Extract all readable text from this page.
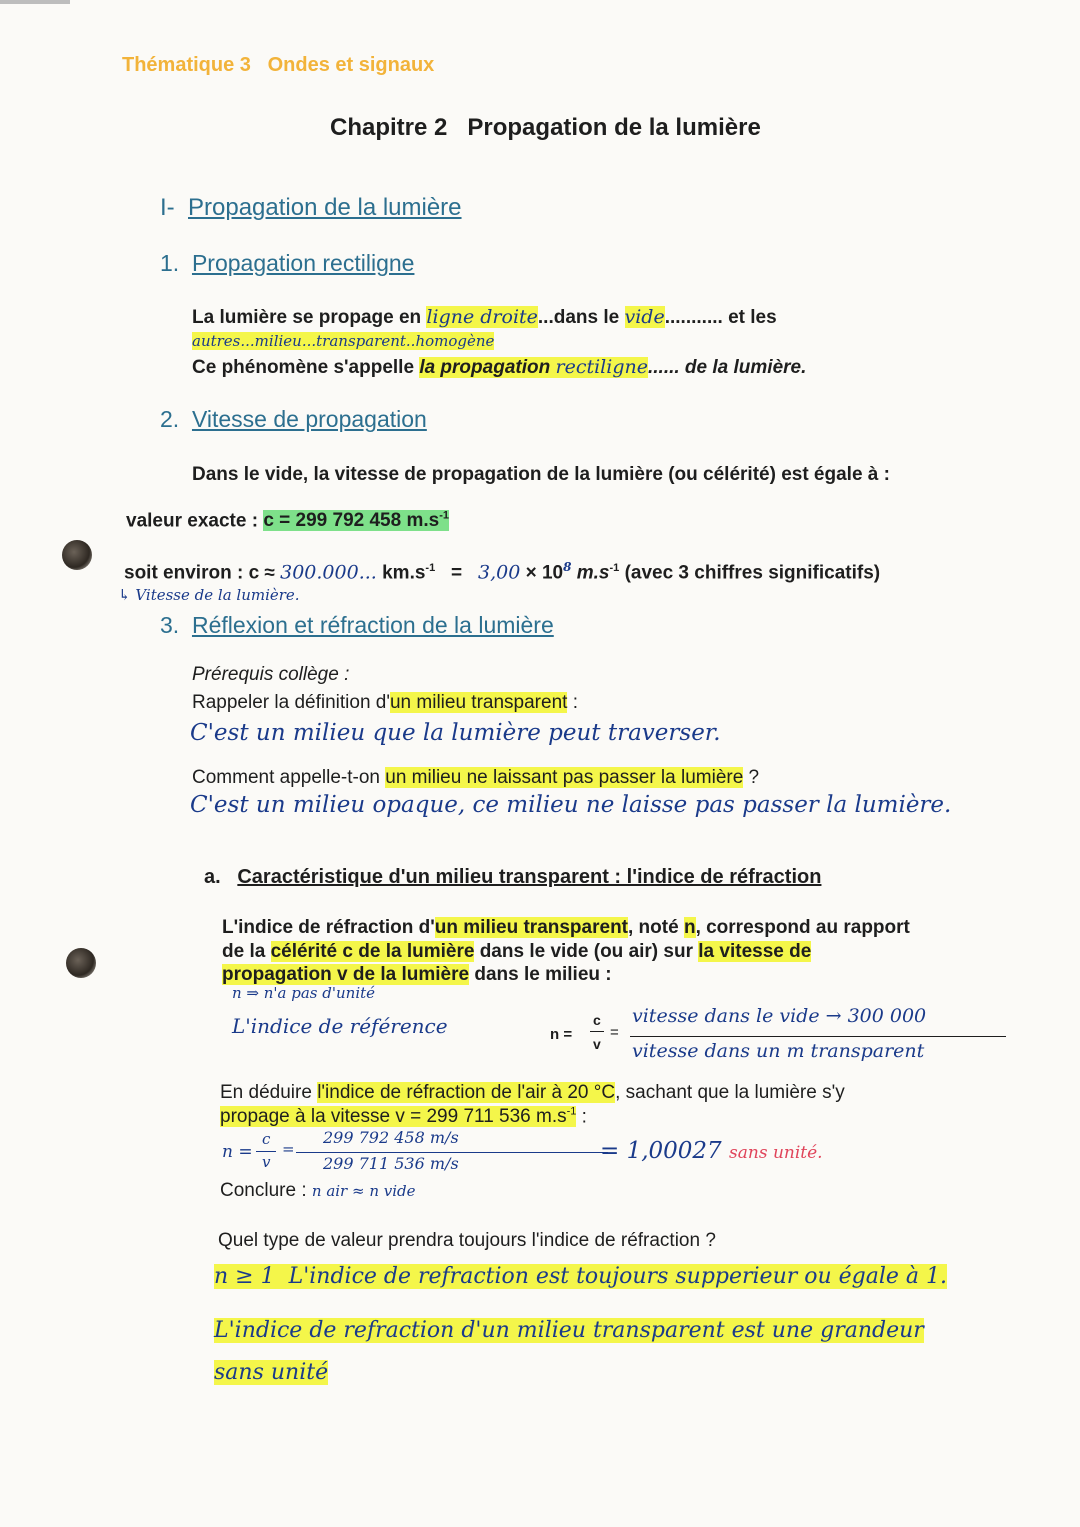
Thématique 3 Ondes et signaux
Chapitre 2 Propagation de la lumière
I- Propagation de la lumière
1. Propagation rectiligne
La lumière se propage en ligne droite...dans le vide........... et les
autres...milieu...transparent..homogène
Ce phénomène s'appelle la propagation rectiligne...... de la lumière.
2. Vitesse de propagation
Dans le vide, la vitesse de propagation de la lumière (ou célérité) est égale à :
valeur exacte : c = 299 792 458 $m.s^{-1}$
soit environ : c ≈ 300.000... $km.s^{-1} = 3,00 \times 10^8$ $m.s^{-1}$ (avec 3 chiffres significatifs)
↳ Vitesse de la lumière.
3. Réflexion et réfraction de la lumière
Prérequis collège :
Rappeler la définition d'un milieu transparent :
C'est un milieu que la lumière peut traverser.
Comment appelle-t-on un milieu ne laissant pas passer la lumière ?
C'est un milieu opaque, ce milieu ne laisse pas passer la lumière.
a. Caractéristique d'un milieu transparent : l'indice de réfraction
L'indice de réfraction d'un milieu transparent, noté n, correspond au rapport
de la célérité c de la lumière dans le vide (ou air) sur la vitesse de
propagation v de la lumière dans le milieu :
n ⇒ n'a pas d'unité
L'indice de référence	n =
c
v
=
vitesse dans le vide → 300 000
vitesse dans un m transparent
En déduire l'indice de réfraction de l'air à 20 °C, sachant que la lumière s'y
propage à la vitesse v = 299 711 536 $m.s^{-1}$ :
n =
c
v
=
299 792 458 m/s
299 711 536 m/s	= 1,00027 sans unité.
Conclure : n air ≈ n vide
Quel type de valeur prendra toujours l'indice de réfraction ?
n ≥ 1 L'indice de refraction est toujours supperieur ou égale à 1.
L'indice de refraction d'un milieu transparent est une grandeur
sans unité
